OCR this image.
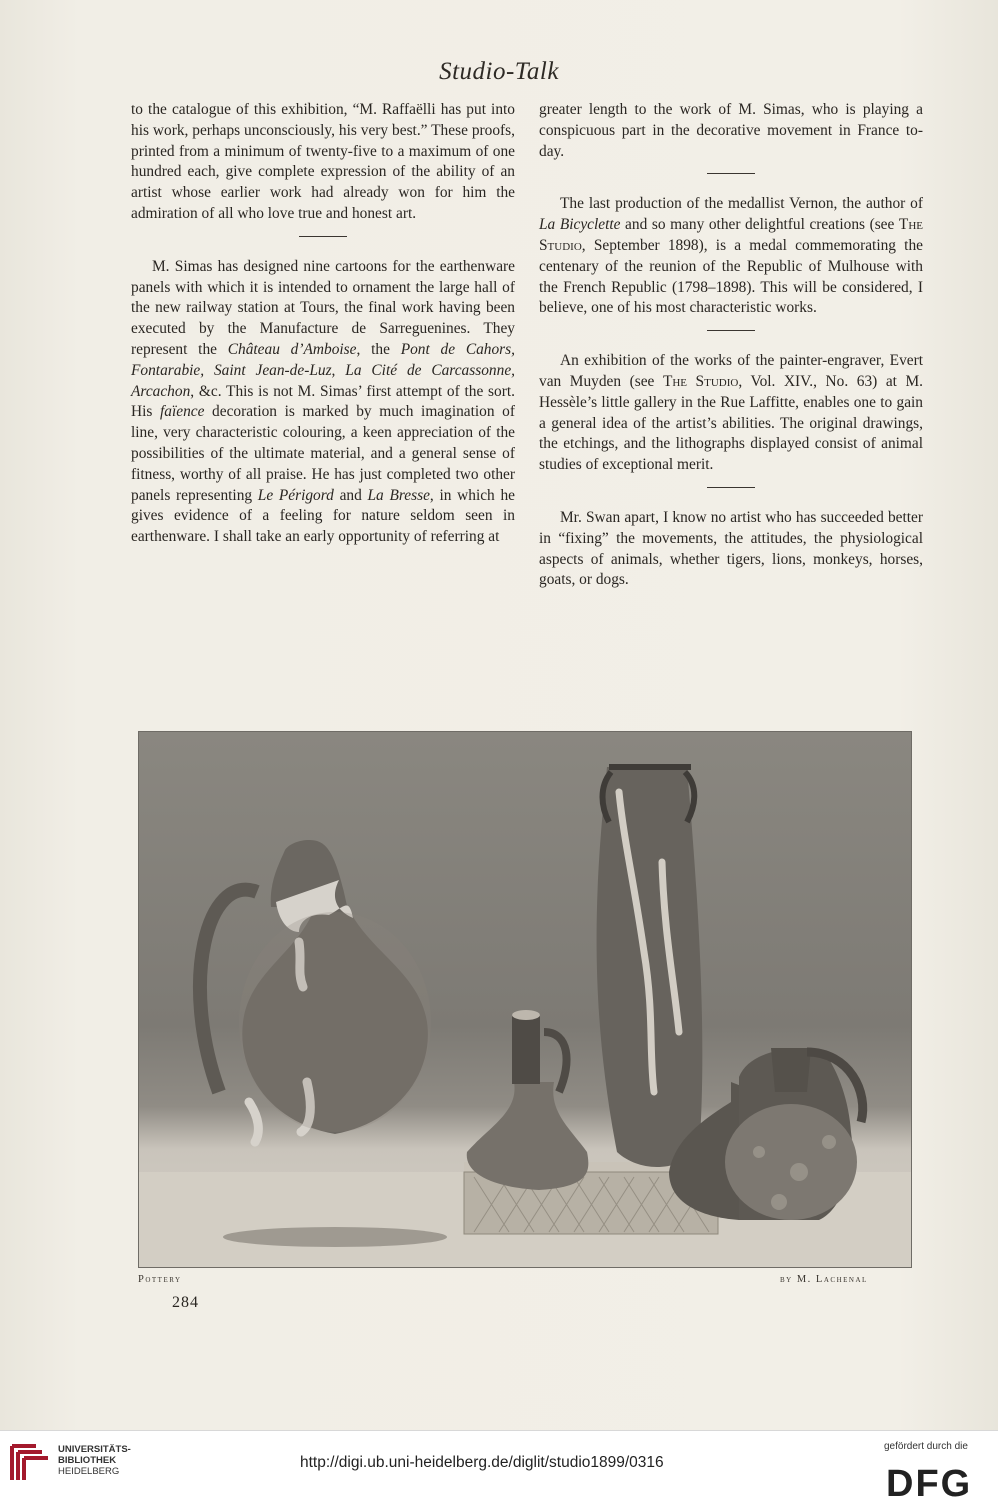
Studio-Talk

to the catalogue of this exhibition, “M. Raffaëlli has put into his work, perhaps unconsciously, his very best.” These proofs, printed from a minimum of twenty-five to a maximum of one hundred each, give complete expression of the ability of an artist whose earlier work had already won for him the admiration of all who love true and honest art.

M. Simas has designed nine cartoons for the earthenware panels with which it is intended to ornament the large hall of the new railway station at Tours, the final work having been executed by the Manufacture de Sarreguenines. They represent the Château d’Amboise, the Pont de Cahors, Fontarabie, Saint Jean-de-Luz, La Cité de Carcassonne, Arcachon, &c. This is not M. Simas’ first attempt of the sort. His faïence decoration is marked by much imagination of line, very characteristic colouring, a keen appreciation of the possibilities of the ultimate material, and a general sense of fitness, worthy of all praise. He has just completed two other panels representing Le Périgord and La Bresse, in which he gives evidence of a feeling for nature seldom seen in earthenware. I shall take an early opportunity of referring at

greater length to the work of M. Simas, who is playing a conspicuous part in the decorative movement in France to-day.

The last production of the medallist Vernon, the author of La Bicyclette and so many other delightful creations (see The Studio, September 1898), is a medal commemorating the centenary of the reunion of the Republic of Mulhouse with the French Republic (1798–1898). This will be considered, I believe, one of his most characteristic works.

An exhibition of the works of the painter-engraver, Evert van Muyden (see The Studio, Vol. XIV., No. 63) at M. Hessèle’s little gallery in the Rue Laffitte, enables one to gain a general idea of the artist’s abilities. The original drawings, the etchings, and the lithographs displayed consist of animal studies of exceptional merit.

Mr. Swan apart, I know no artist who has succeeded better in “fixing” the movements, the attitudes, the physiological aspects of animals, whether tigers, lions, monkeys, horses, goats, or dogs.

Pottery	by M. Lachenal
284
UNIVERSITÄTS-
BIBLIOTHEK
HEIDELBERG
http://digi.ub.uni-heidelberg.de/diglit/studio1899/0316
gefördert durch die
DFG
